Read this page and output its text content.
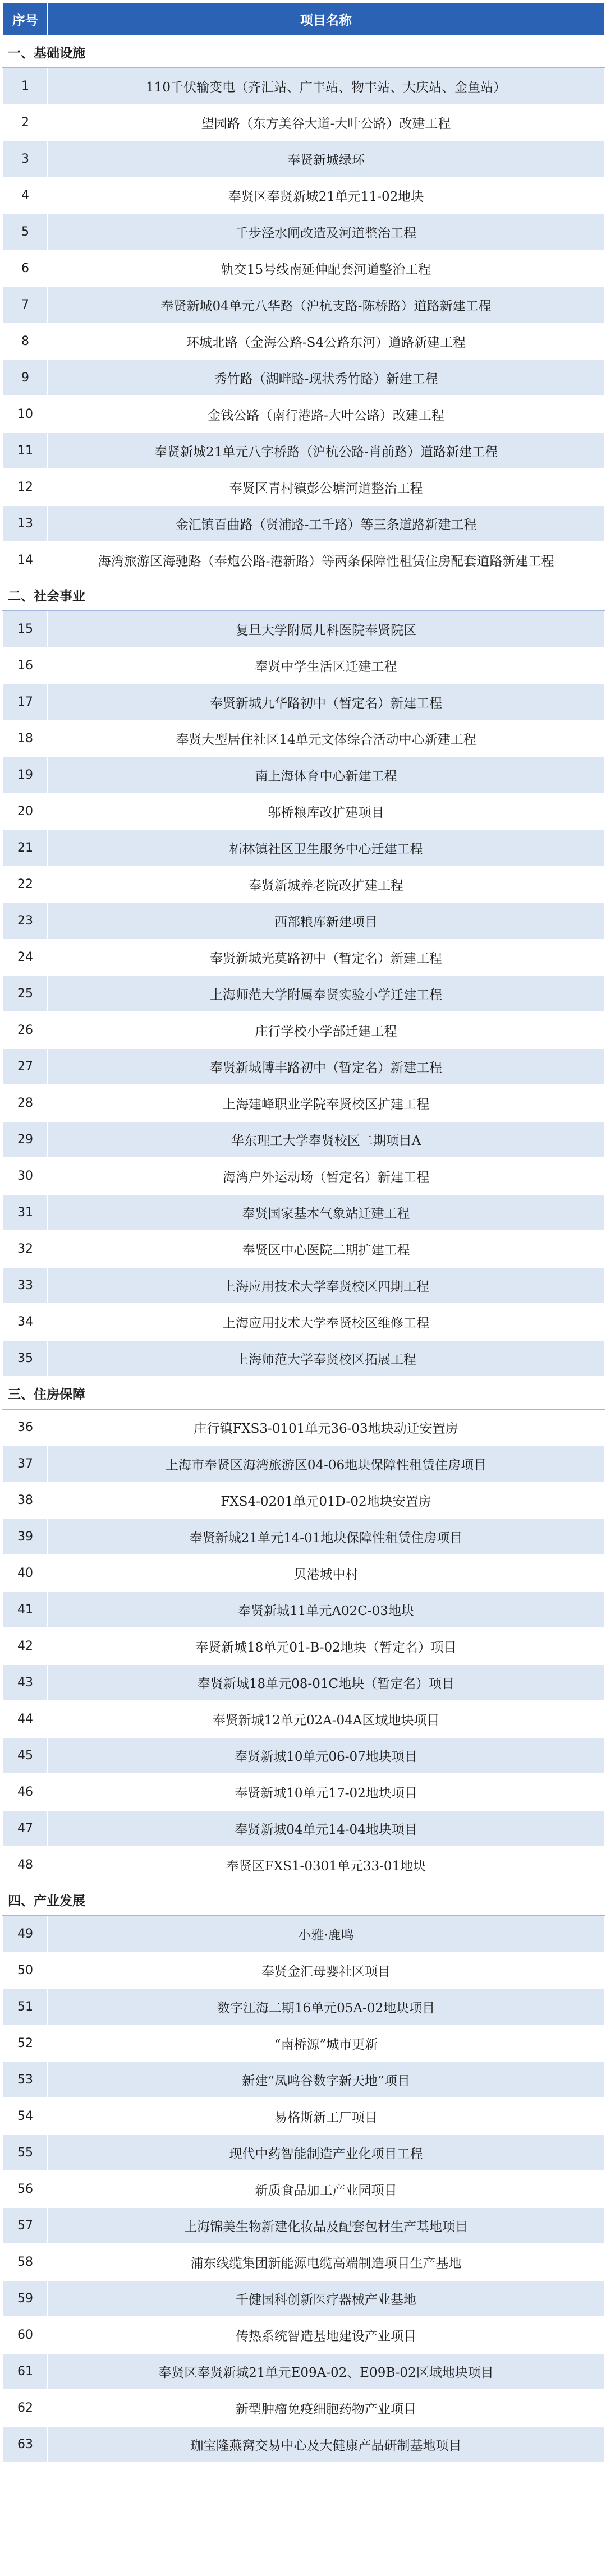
序号	项目名称
一、基础设施	
1	110千伏输变电（齐汇站、广丰站、物丰站、大庆站、金鱼站）
2	望园路（东方美谷大道-大叶公路）改建工程
3	奉贤新城绿环
4	奉贤区奉贤新城21单元11-02地块
5	千步泾水闸改造及河道整治工程
6	轨交15号线南延伸配套河道整治工程
7	奉贤新城04单元八华路（沪杭支路-陈桥路）道路新建工程
8	环城北路（金海公路-S4公路东河）道路新建工程
9	秀竹路（湖畔路-现状秀竹路）新建工程
10	金钱公路（南行港路-大叶公路）改建工程
11	奉贤新城21单元八字桥路（沪杭公路-肖前路）道路新建工程
12	奉贤区青村镇彭公塘河道整治工程
13	金汇镇百曲路（贤浦路-工千路）等三条道路新建工程
14	海湾旅游区海驰路（奉炮公路-港新路）等两条保障性租赁住房配套道路新建工程
二、社会事业	
15	复旦大学附属儿科医院奉贤院区
16	奉贤中学生活区迁建工程
17	奉贤新城九华路初中（暂定名）新建工程
18	奉贤大型居住社区14单元文体综合活动中心新建工程
19	南上海体育中心新建工程
20	邬桥粮库改扩建项目
21	柘林镇社区卫生服务中心迁建工程
22	奉贤新城养老院改扩建工程
23	西部粮库新建项目
24	奉贤新城光莫路初中（暂定名）新建工程
25	上海师范大学附属奉贤实验小学迁建工程
26	庄行学校小学部迁建工程
27	奉贤新城博丰路初中（暂定名）新建工程
28	上海建峰职业学院奉贤校区扩建工程
29	华东理工大学奉贤校区二期项目A
30	海湾户外运动场（暂定名）新建工程
31	奉贤国家基本气象站迁建工程
32	奉贤区中心医院二期扩建工程
33	上海应用技术大学奉贤校区四期工程
34	上海应用技术大学奉贤校区维修工程
35	上海师范大学奉贤校区拓展工程
三、住房保障	
36	庄行镇FXS3-0101单元36-03地块动迁安置房
37	上海市奉贤区海湾旅游区04-06地块保障性租赁住房项目
38	FXS4-0201单元01D-02地块安置房
39	奉贤新城21单元14-01地块保障性租赁住房项目
40	贝港城中村
41	奉贤新城11单元A02C-03地块
42	奉贤新城18单元01-B-02地块（暂定名）项目
43	奉贤新城18单元08-01C地块（暂定名）项目
44	奉贤新城12单元02A-04A区域地块项目
45	奉贤新城10单元06-07地块项目
46	奉贤新城10单元17-02地块项目
47	奉贤新城04单元14-04地块项目
48	奉贤区FXS1-0301单元33-01地块
四、产业发展	
49	小雅·鹿鸣
50	奉贤金汇母婴社区项目
51	数字江海二期16单元05A-02地块项目
52	“南桥源”城市更新
53	新建“凤鸣谷数字新天地”项目
54	易格斯新工厂项目
55	现代中药智能制造产业化项目工程
56	新质食品加工产业园项目
57	上海锦美生物新建化妆品及配套包材生产基地项目
58	浦东线缆集团新能源电缆高端制造项目生产基地
59	千健国科创新医疗器械产业基地
60	传热系统智造基地建设产业项目
61	奉贤区奉贤新城21单元E09A-02、E09B-02区域地块项目
62	新型肿瘤免疫细胞药物产业项目
63	珈宝隆燕窝交易中心及大健康产品研制基地项目
